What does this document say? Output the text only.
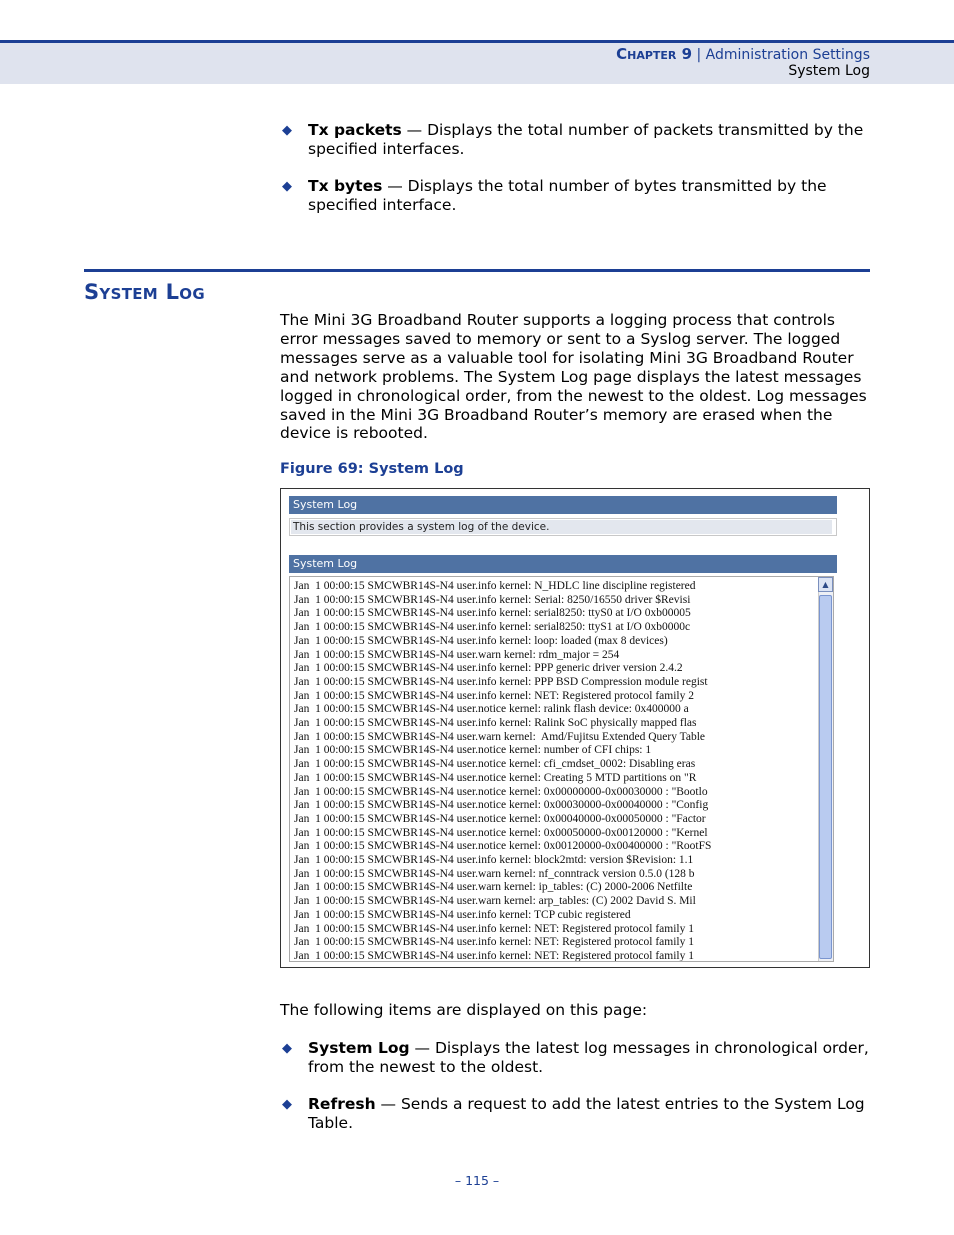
Chapter 9 | Administration Settings
System Log
◆ Tx packets — Displays the total number of packets transmitted by the specified interfaces.
◆ Tx bytes — Displays the total number of bytes transmitted by the specified interface.
System Log
The Mini 3G Broadband Router supports a logging process that controls error messages saved to memory or sent to a Syslog server. The logged messages serve as a valuable tool for isolating Mini 3G Broadband Router and network problems. The System Log page displays the latest messages logged in chronological order, from the newest to the oldest. Log messages saved in the Mini 3G Broadband Router’s memory are erased when the device is rebooted.
Figure 69: System Log
System Log
This section provides a system log of the device.
System Log
Jan  1 00:00:15 SMCWBR14S-N4 user.info kernel: N_HDLC line discipline registered
Jan  1 00:00:15 SMCWBR14S-N4 user.info kernel: Serial: 8250/16550 driver $Revisi
Jan  1 00:00:15 SMCWBR14S-N4 user.info kernel: serial8250: ttyS0 at I/O 0xb00005
Jan  1 00:00:15 SMCWBR14S-N4 user.info kernel: serial8250: ttyS1 at I/O 0xb0000c
Jan  1 00:00:15 SMCWBR14S-N4 user.info kernel: loop: loaded (max 8 devices)
Jan  1 00:00:15 SMCWBR14S-N4 user.warn kernel: rdm_major = 254
Jan  1 00:00:15 SMCWBR14S-N4 user.info kernel: PPP generic driver version 2.4.2
Jan  1 00:00:15 SMCWBR14S-N4 user.info kernel: PPP BSD Compression module regist
Jan  1 00:00:15 SMCWBR14S-N4 user.info kernel: NET: Registered protocol family 2
Jan  1 00:00:15 SMCWBR14S-N4 user.notice kernel: ralink flash device: 0x400000 a
Jan  1 00:00:15 SMCWBR14S-N4 user.info kernel: Ralink SoC physically mapped flas
Jan  1 00:00:15 SMCWBR14S-N4 user.warn kernel:  Amd/Fujitsu Extended Query Table
Jan  1 00:00:15 SMCWBR14S-N4 user.notice kernel: number of CFI chips: 1
Jan  1 00:00:15 SMCWBR14S-N4 user.notice kernel: cfi_cmdset_0002: Disabling eras
Jan  1 00:00:15 SMCWBR14S-N4 user.notice kernel: Creating 5 MTD partitions on "R
Jan  1 00:00:15 SMCWBR14S-N4 user.notice kernel: 0x00000000-0x00030000 : "Bootlo
Jan  1 00:00:15 SMCWBR14S-N4 user.notice kernel: 0x00030000-0x00040000 : "Config
Jan  1 00:00:15 SMCWBR14S-N4 user.notice kernel: 0x00040000-0x00050000 : "Factor
Jan  1 00:00:15 SMCWBR14S-N4 user.notice kernel: 0x00050000-0x00120000 : "Kernel
Jan  1 00:00:15 SMCWBR14S-N4 user.notice kernel: 0x00120000-0x00400000 : "RootFS
Jan  1 00:00:15 SMCWBR14S-N4 user.info kernel: block2mtd: version $Revision: 1.1
Jan  1 00:00:15 SMCWBR14S-N4 user.warn kernel: nf_conntrack version 0.5.0 (128 b
Jan  1 00:00:15 SMCWBR14S-N4 user.warn kernel: ip_tables: (C) 2000-2006 Netfilte
Jan  1 00:00:15 SMCWBR14S-N4 user.warn kernel: arp_tables: (C) 2002 David S. Mil
Jan  1 00:00:15 SMCWBR14S-N4 user.info kernel: TCP cubic registered
Jan  1 00:00:15 SMCWBR14S-N4 user.info kernel: NET: Registered protocol family 1
Jan  1 00:00:15 SMCWBR14S-N4 user.info kernel: NET: Registered protocol family 1
Jan  1 00:00:15 SMCWBR14S-N4 user.info kernel: NET: Registered protocol family 1
▲
The following items are displayed on this page:
◆ System Log — Displays the latest log messages in chronological order, from the newest to the oldest.
◆ Refresh — Sends a request to add the latest entries to the System Log Table.
– 115 –
